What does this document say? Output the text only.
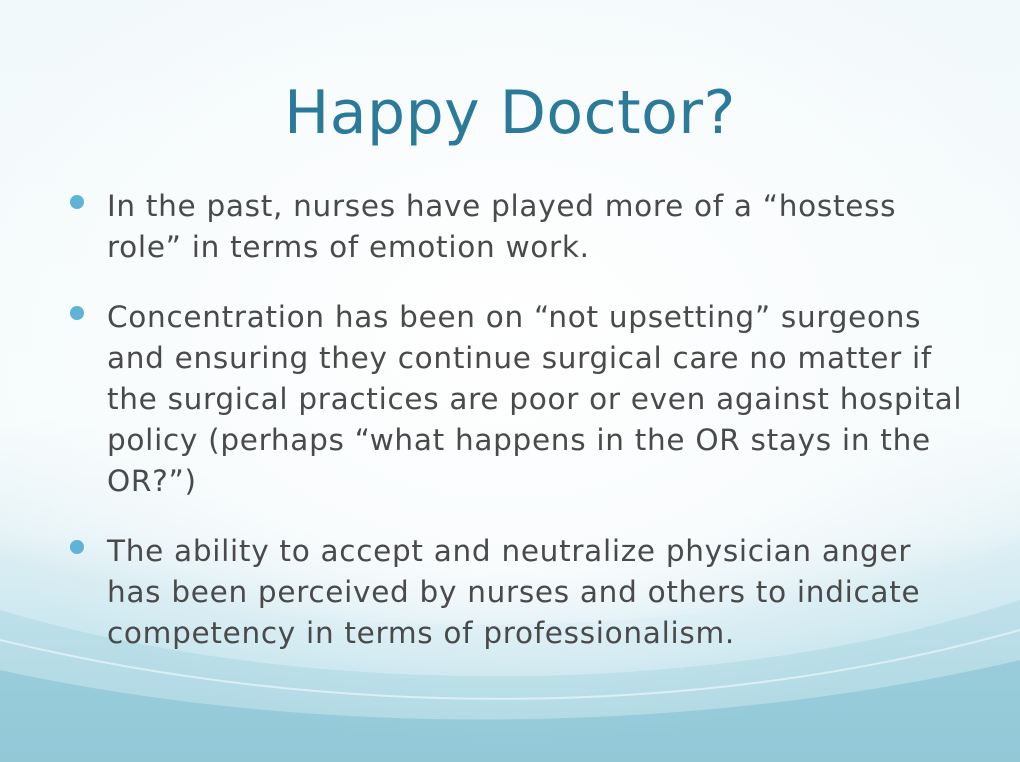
Happy Doctor?
In the past, nurses have played more of a “hostess role” in terms of emotion work.
Concentration has been on “not upsetting” surgeons and ensuring they continue surgical care no matter if the surgical practices are poor or even against hospital policy (perhaps “what happens in the OR stays in the OR?”)
The ability to accept and neutralize physician anger has been perceived by nurses and others to indicate competency in terms of professionalism.
